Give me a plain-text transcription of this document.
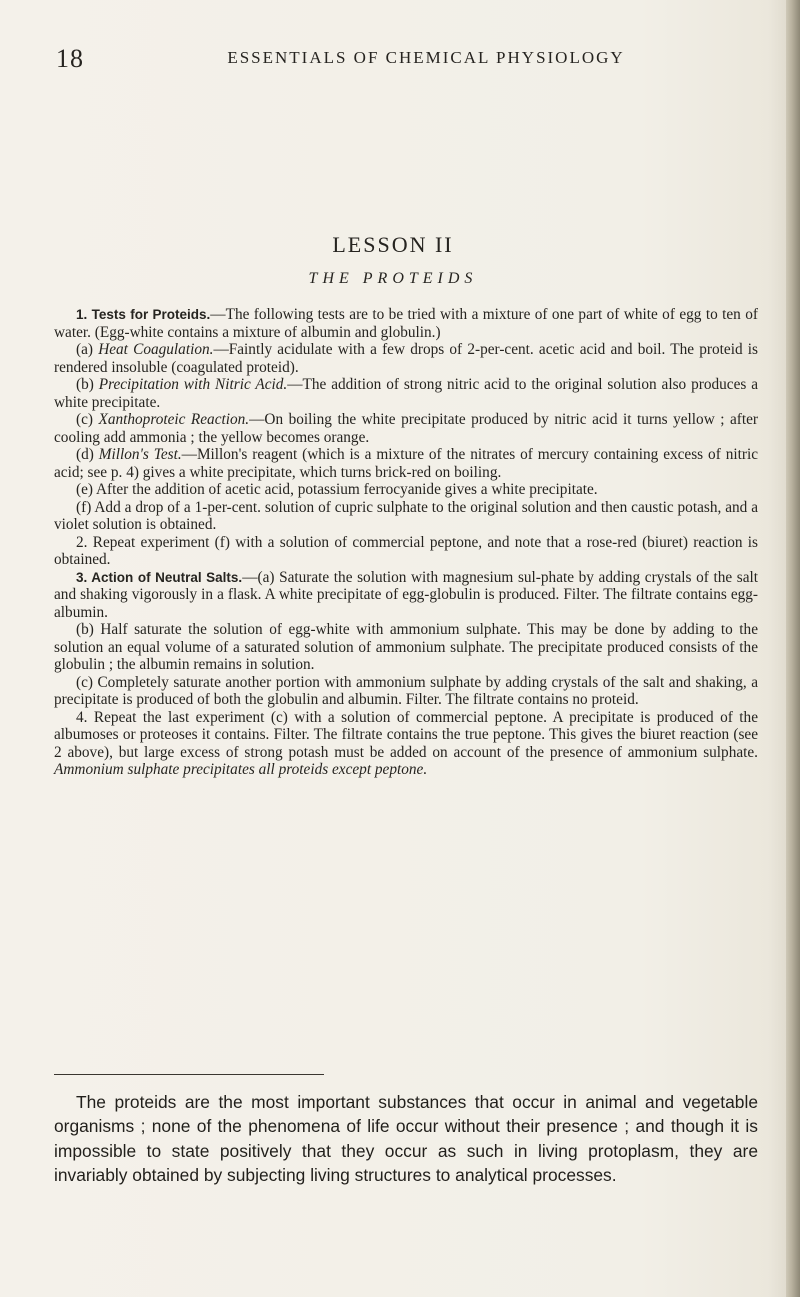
18	ESSENTIALS OF CHEMICAL PHYSIOLOGY
LESSON II
THE PROTEIDS

1. Tests for Proteids.—The following tests are to be tried with a mixture of one part of white of egg to ten of water. (Egg-white contains a mixture of albumin and globulin.)

(a) Heat Coagulation.—Faintly acidulate with a few drops of 2-per-cent. acetic acid and boil. The proteid is rendered insoluble (coagulated proteid).

(b) Precipitation with Nitric Acid.—The addition of strong nitric acid to the original solution also produces a white precipitate.

(c) Xanthoproteic Reaction.—On boiling the white precipitate produced by nitric acid it turns yellow ; after cooling add ammonia ; the yellow becomes orange.

(d) Millon's Test.—Millon's reagent (which is a mixture of the nitrates of mercury containing excess of nitric acid; see p. 4) gives a white precipitate, which turns brick-red on boiling.

(e) After the addition of acetic acid, potassium ferrocyanide gives a white precipitate.

(f) Add a drop of a 1-per-cent. solution of cupric sulphate to the original solution and then caustic potash, and a violet solution is obtained.

2. Repeat experiment (f) with a solution of commercial peptone, and note that a rose-red (biuret) reaction is obtained.

3. Action of Neutral Salts.—(a) Saturate the solution with magnesium sul-phate by adding crystals of the salt and shaking vigorously in a flask. A white precipitate of egg-globulin is produced. Filter. The filtrate contains egg-albumin.

(b) Half saturate the solution of egg-white with ammonium sulphate. This may be done by adding to the solution an equal volume of a saturated solution of ammonium sulphate. The precipitate produced consists of the globulin ; the albumin remains in solution.

(c) Completely saturate another portion with ammonium sulphate by adding crystals of the salt and shaking, a precipitate is produced of both the globulin and albumin. Filter. The filtrate contains no proteid.

4. Repeat the last experiment (c) with a solution of commercial peptone. A precipitate is produced of the albumoses or proteoses it contains. Filter. The filtrate contains the true peptone. This gives the biuret reaction (see 2 above), but large excess of strong potash must be added on account of the presence of ammonium sulphate. Ammonium sulphate precipitates all proteids except peptone.

The proteids are the most important substances that occur in animal and vegetable organisms ; none of the phenomena of life occur without their presence ; and though it is impossible to state positively that they occur as such in living protoplasm, they are invariably obtained by subjecting living structures to analytical processes.
